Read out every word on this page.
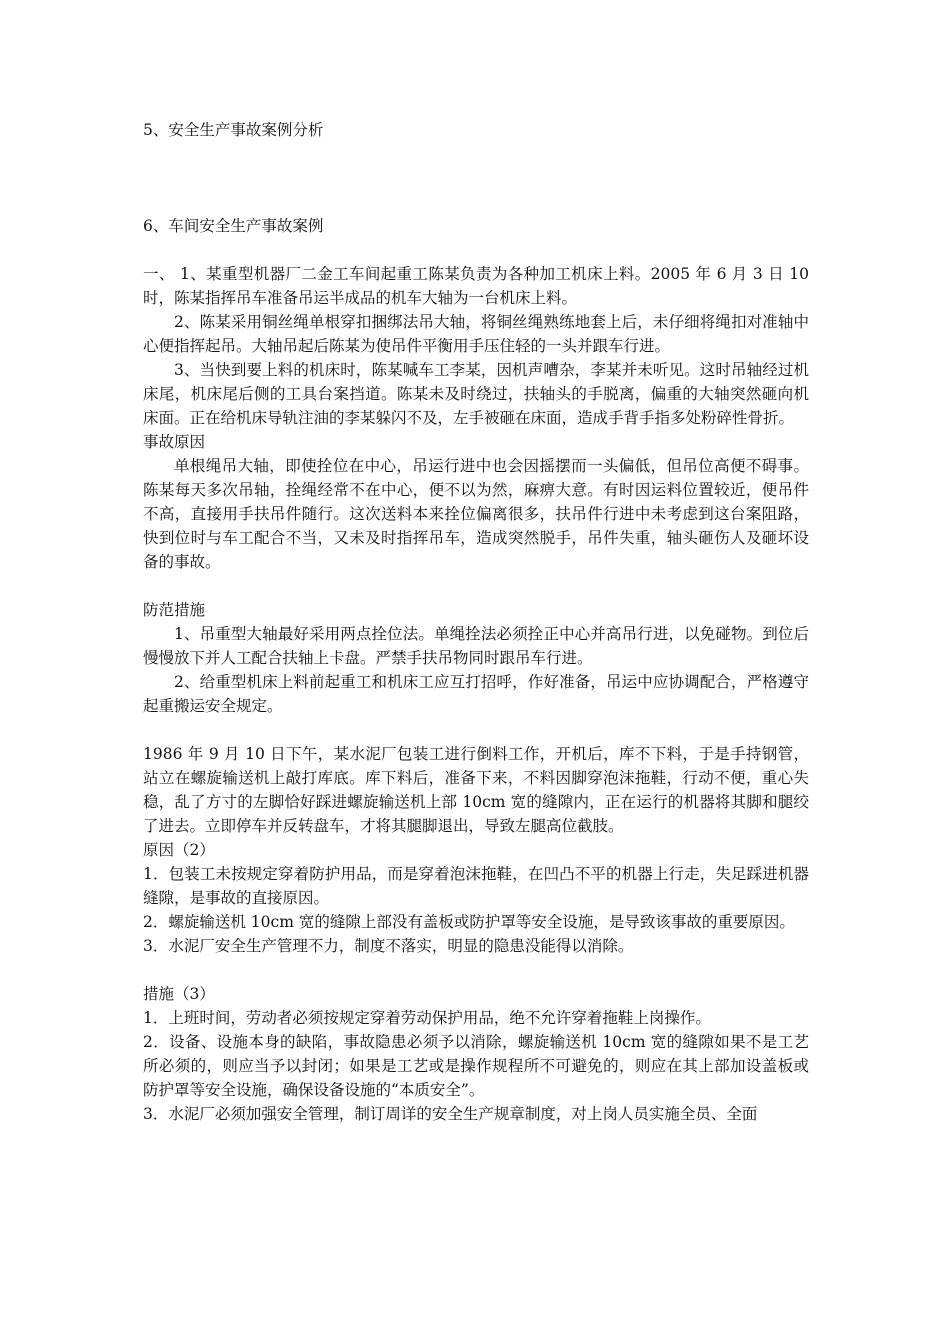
5、安全生产事故案例分析

6、车间安全生产事故案例

一、 1、某重型机器厂二金工车间起重工陈某负责为各种加工机床上料。2005 年 6 月 3 日 10 时，陈某指挥吊车准备吊运半成品的机车大轴为一台机床上料。

2、陈某采用铜丝绳单根穿扣捆绑法吊大轴，将铜丝绳熟练地套上后，未仔细将绳扣对准轴中心便指挥起吊。大轴吊起后陈某为使吊件平衡用手压住轻的一头并跟车行进。

3、当快到要上料的机床时，陈某喊车工李某，因机声嘈杂，李某并未听见。这时吊轴经过机床尾，机床尾后侧的工具台案挡道。陈某未及时绕过，扶轴头的手脱离，偏重的大轴突然砸向机床面。正在给机床导轨注油的李某躲闪不及，左手被砸在床面，造成手背手指多处粉碎性骨折。

事故原因

单根绳吊大轴，即使拴位在中心，吊运行进中也会因摇摆而一头偏低，但吊位高便不碍事。陈某每天多次吊轴，拴绳经常不在中心，便不以为然，麻痹大意。有时因运料位置较近，便吊件不高，直接用手扶吊件随行。这次送料本来拴位偏离很多，扶吊件行进中未考虑到这台案阻路，快到位时与车工配合不当，又未及时指挥吊车，造成突然脱手，吊件失重，轴头砸伤人及砸坏设备的事故。

防范措施

1、吊重型大轴最好采用两点拴位法。单绳拴法必须拴正中心并高吊行进，以免碰物。到位后慢慢放下并人工配合扶轴上卡盘。严禁手扶吊物同时跟吊车行进。

2、给重型机床上料前起重工和机床工应互打招呼，作好准备，吊运中应协调配合，严格遵守起重搬运安全规定。

1986 年 9 月 10 日下午，某水泥厂包装工进行倒料工作，开机后，库不下料，于是手持钢管，站立在螺旋输送机上敲打库底。库下料后，准备下来，不料因脚穿泡沫拖鞋，行动不便，重心失稳，乱了方寸的左脚恰好踩进螺旋输送机上部 10cm 宽的缝隙内，正在运行的机器将其脚和腿绞了进去。立即停车并反转盘车，才将其腿脚退出，导致左腿高位截肢。

原因（2）

1．包装工未按规定穿着防护用品，而是穿着泡沫拖鞋，在凹凸不平的机器上行走，失足踩进机器缝隙，是事故的直接原因。

2．螺旋输送机 10cm 宽的缝隙上部没有盖板或防护罩等安全设施，是导致该事故的重要原因。

3．水泥厂安全生产管理不力，制度不落实，明显的隐患没能得以消除。

措施（3）

1．上班时间，劳动者必须按规定穿着劳动保护用品，绝不允许穿着拖鞋上岗操作。

2．设备、设施本身的缺陷，事故隐患必须予以消除，螺旋输送机 10cm 宽的缝隙如果不是工艺所必须的，则应当予以封闭；如果是工艺或是操作规程所不可避免的，则应在其上部加设盖板或防护罩等安全设施，确保设备设施的“本质安全”。

3．水泥厂必须加强安全管理，制订周详的安全生产规章制度，对上岗人员实施全员、全面
